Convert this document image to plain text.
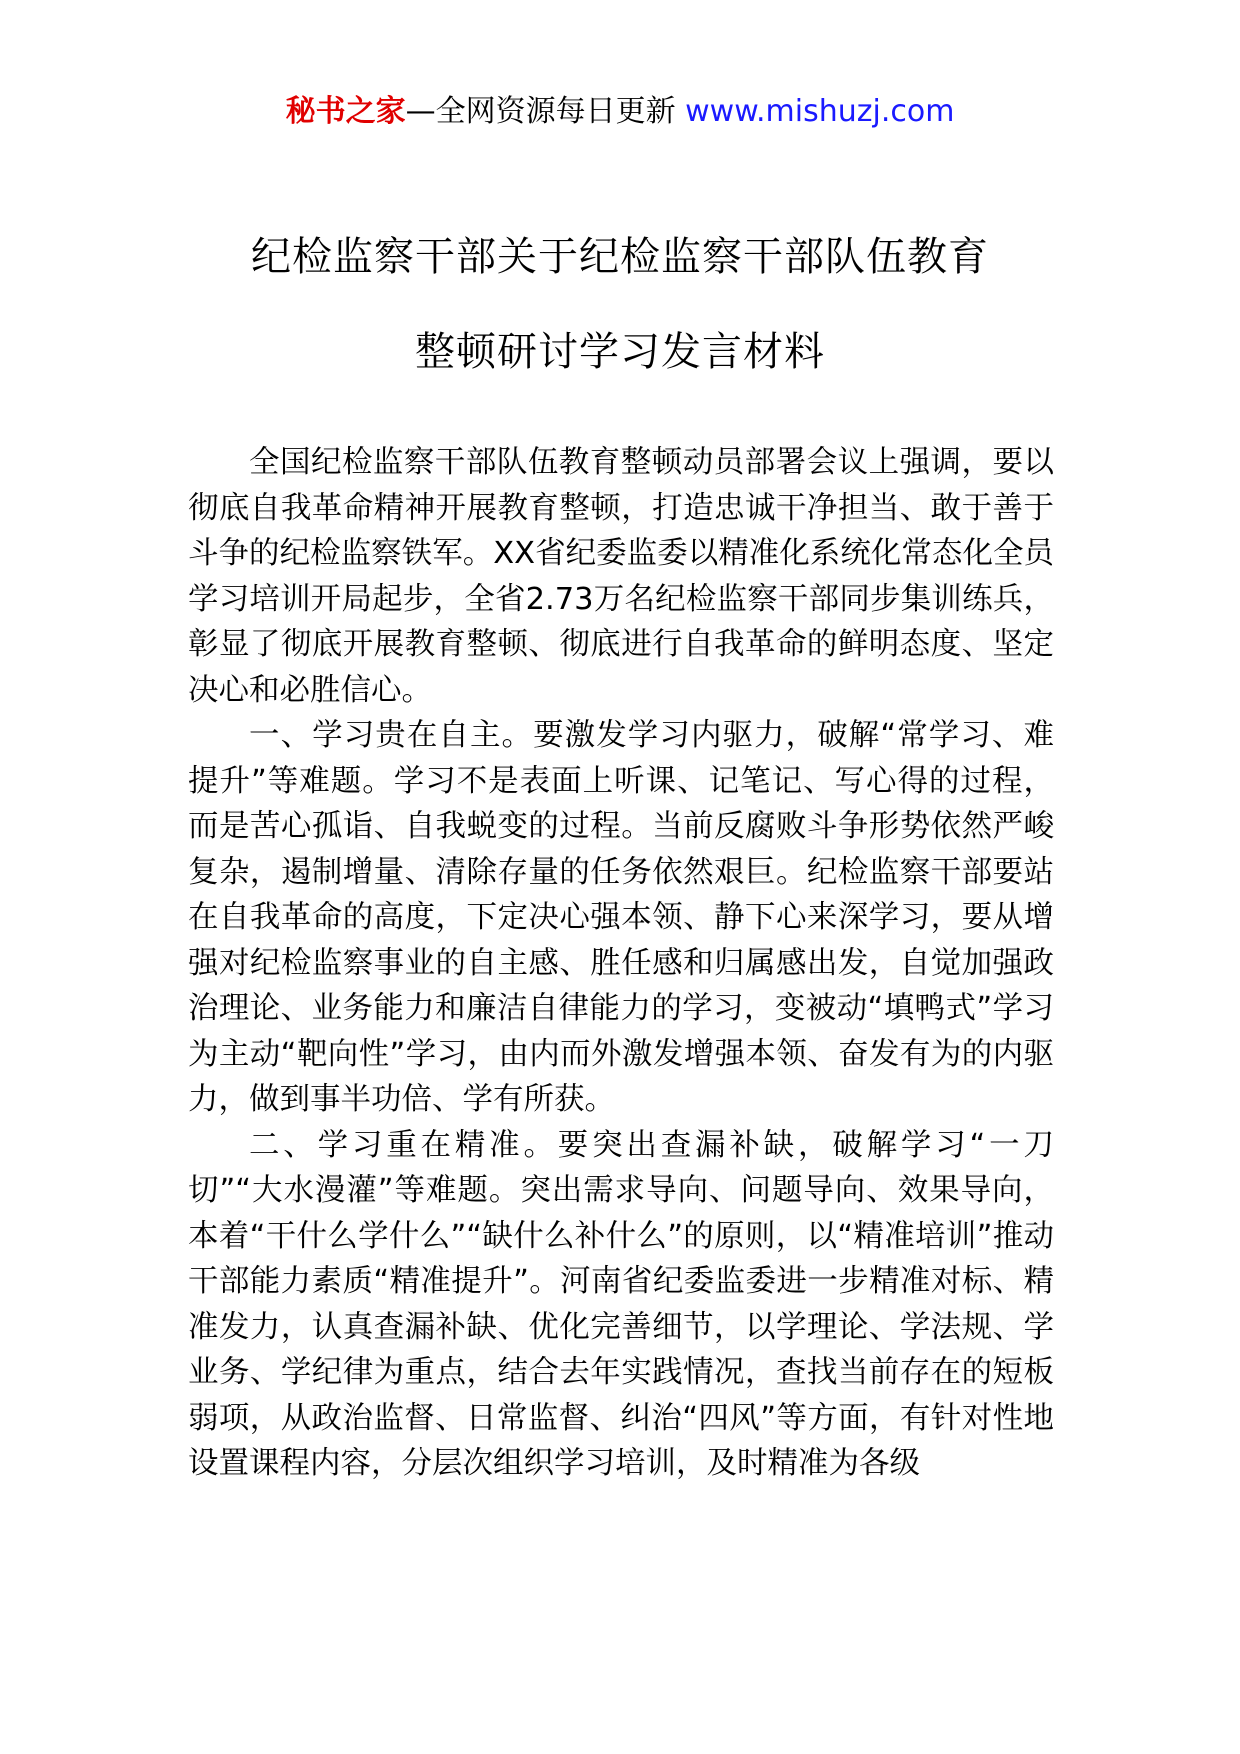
秘书之家—全网资源每日更新 www.mishuzj.com
纪检监察干部关于纪检监察干部队伍教育
整顿研讨学习发言材料

全国纪检监察干部队伍教育整顿动员部署会议上强调，要以彻底自我革命精神开展教育整顿，打造忠诚干净担当、敢于善于斗争的纪检监察铁军。XX省纪委监委以精准化系统化常态化全员学习培训开局起步，全省2.73万名纪检监察干部同步集训练兵，彰显了彻底开展教育整顿、彻底进行自我革命的鲜明态度、坚定决心和必胜信心。

一、学习贵在自主。要激发学习内驱力，破解“常学习、难提升”等难题。学习不是表面上听课、记笔记、写心得的过程，而是苦心孤诣、自我蜕变的过程。当前反腐败斗争形势依然严峻复杂，遏制增量、清除存量的任务依然艰巨。纪检监察干部要站在自我革命的高度，下定决心强本领、静下心来深学习，要从增强对纪检监察事业的自主感、胜任感和归属感出发，自觉加强政治理论、业务能力和廉洁自律能力的学习，变被动“填鸭式”学习为主动“靶向性”学习，由内而外激发增强本领、奋发有为的内驱力，做到事半功倍、学有所获。

二、学习重在精准。要突出查漏补缺，破解学习“一刀切”“大水漫灌”等难题。突出需求导向、问题导向、效果导向，本着“干什么学什么”“缺什么补什么”的原则，以“精准培训”推动干部能力素质“精准提升”。河南省纪委监委进一步精准对标、精准发力，认真查漏补缺、优化完善细节，以学理论、学法规、学业务、学纪律为重点，结合去年实践情况，查找当前存在的短板弱项，从政治监督、日常监督、纠治“四风”等方面，有针对性地设置课程内容，分层次组织学习培训，及时精准为各级
